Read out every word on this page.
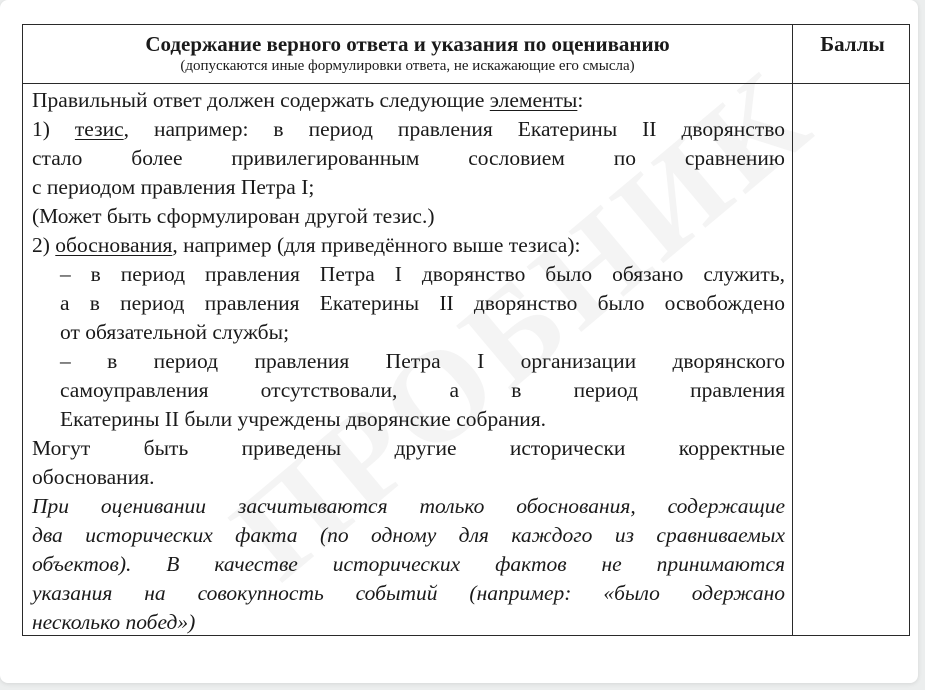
Содержание верного ответа и указания по оцениванию
(допускаются иные формулировки ответа, не искажающие его смысла)
Баллы
Правильный ответ должен содержать следующие элементы:
1) тезис, например: в период правления Екатерины II дворянство
стало более привилегированным сословием по сравнению
с периодом правления Петра I;
(Может быть сформулирован другой тезис.)
2) обоснования, например (для приведённого выше тезиса):
– в период правления Петра I дворянство было обязано служить,
а в период правления Екатерины II дворянство было освобождено
от обязательной службы;
– в период правления Петра I организации дворянского
самоуправления отсутствовали, а в период правления
Екатерины II были учреждены дворянские собрания.
Могут быть приведены другие исторически корректные
обоснования.
При оценивании засчитываются только обоснования, содержащие
два исторических факта (по одному для каждого из сравниваемых
объектов). В качестве исторических фактов не принимаются
указания на совокупность событий (например: «было одержано
несколько побед»)
